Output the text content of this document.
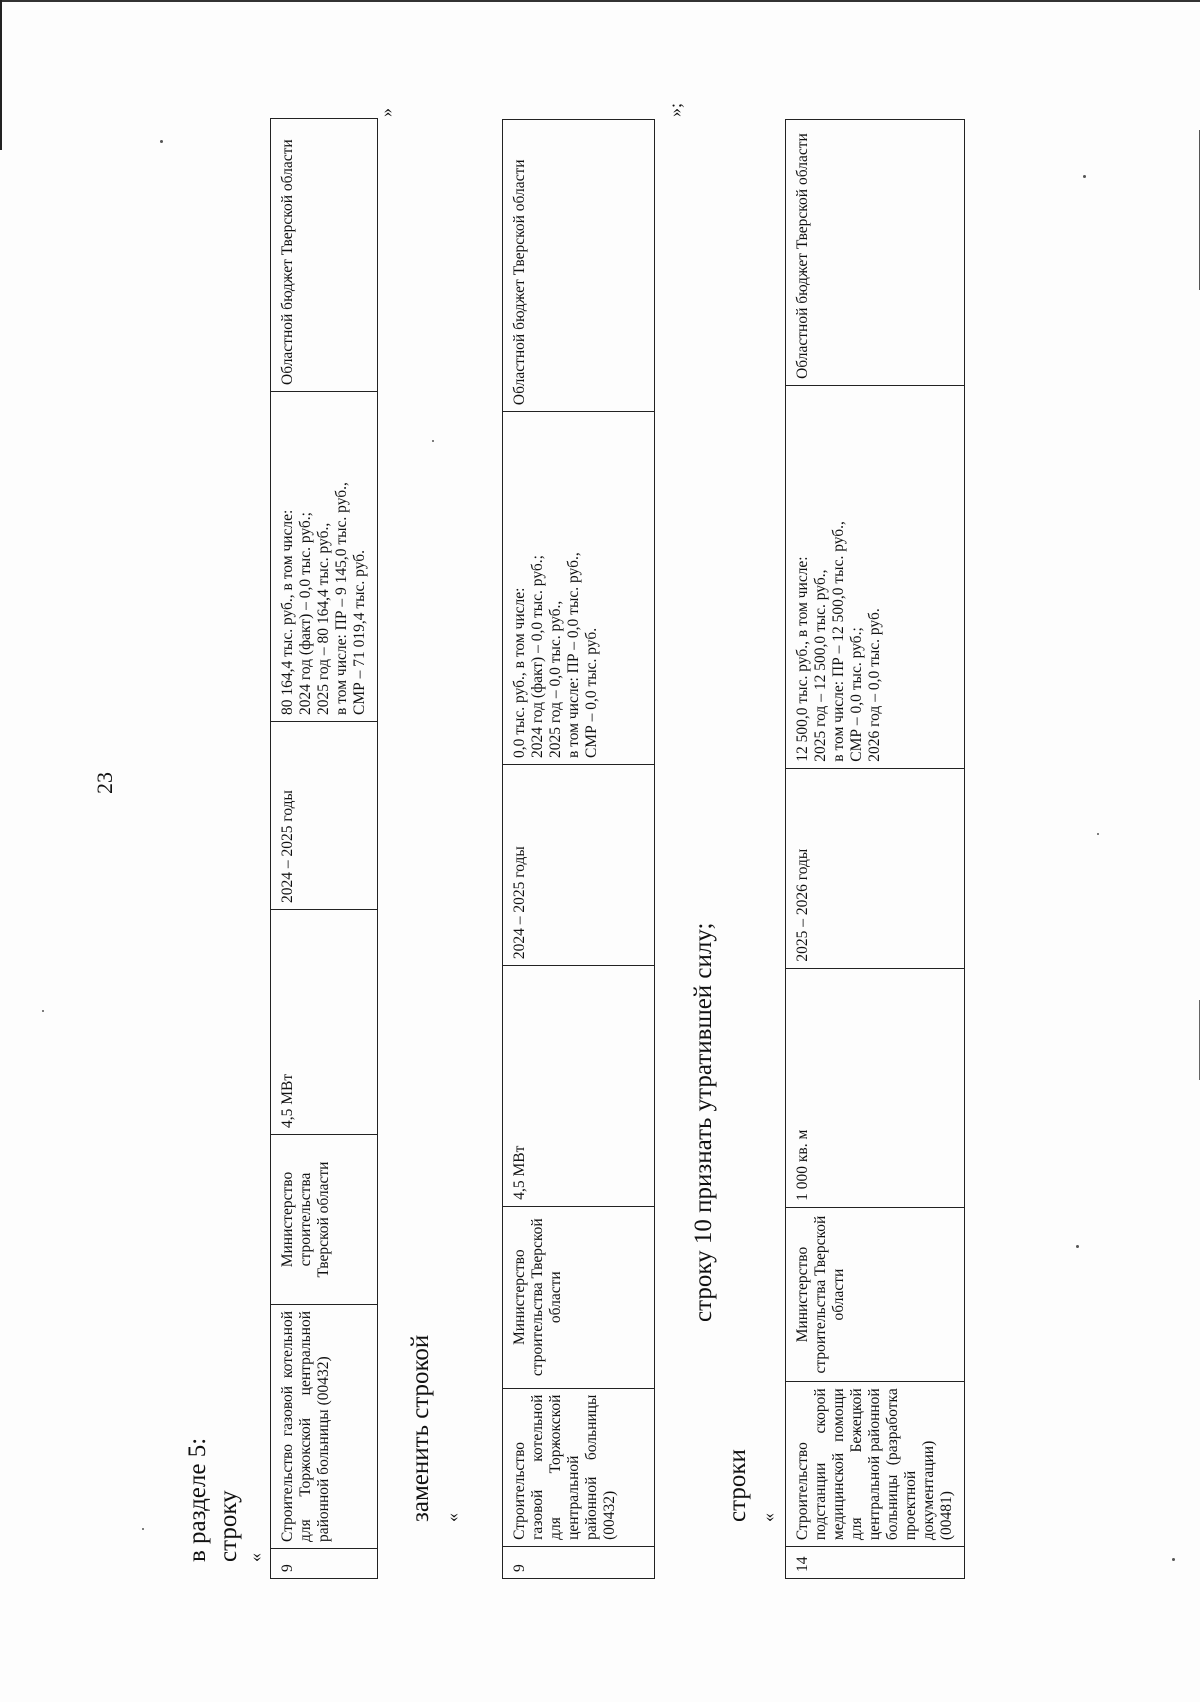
23
в разделе 5: строку «
9	Строительство газовой котельной для Торжокской центральной районной больницы (00432)	Министерство строительства Тверской области	4,5 МВт	2024 – 2025 годы	80 164,4 тыс. руб., в том числе:
2024 год (факт) – 0,0 тыс. руб.;
2025 год – 80 164,4 тыс. руб.,
в том числе: ПР – 9 145,0 тыс. руб.,
СМР – 71 019,4 тыс. руб.	Областной бюджет Тверской области
»
заменить строкой «
9	Строительство газовой котельной для Торжокской центральной районной больницы (00432)	Министерство строительства Тверской области	4,5 МВт	2024 – 2025 годы	0,0 тыс. руб., в том числе:
2024 год (факт) – 0,0 тыс. руб.;
2025 год – 0,0 тыс. руб.,
в том числе: ПР – 0,0 тыс. руб.,
СМР – 0,0 тыс. руб.	Областной бюджет Тверской области
»;
строку 10 признать утратившей силу;
строки «
14	Строительство подстанции скорой медицинской помощи для Бежецкой центральной районной больницы (разработка проектной документации) (00481)	Министерство строительства Тверской области	1 000 кв. м	2025 – 2026 годы	12 500,0 тыс. руб., в том числе:
2025 год – 12 500,0 тыс. руб.,
в том числе: ПР – 12 500,0 тыс. руб.,
СМР – 0,0 тыс. руб.;
2026 год – 0,0 тыс. руб.	Областной бюджет Тверской области
